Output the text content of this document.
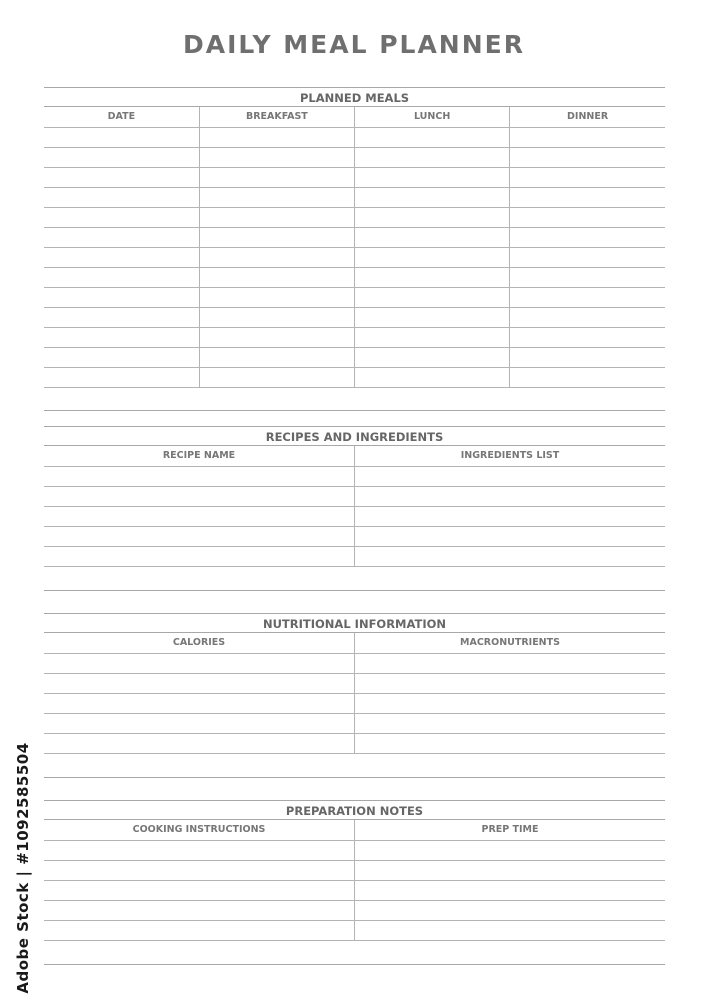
DAILY MEAL PLANNER
PLANNED MEALS
DATE	BREAKFAST	LUNCH	DINNER

RECIPES AND INGREDIENTS
RECIPE NAME	INGREDIENTS LIST

NUTRITIONAL INFORMATION
CALORIES	MACRONUTRIENTS

PREPARATION NOTES
COOKING INSTRUCTIONS	PREP TIME

Adobe Stock | #1092585504
